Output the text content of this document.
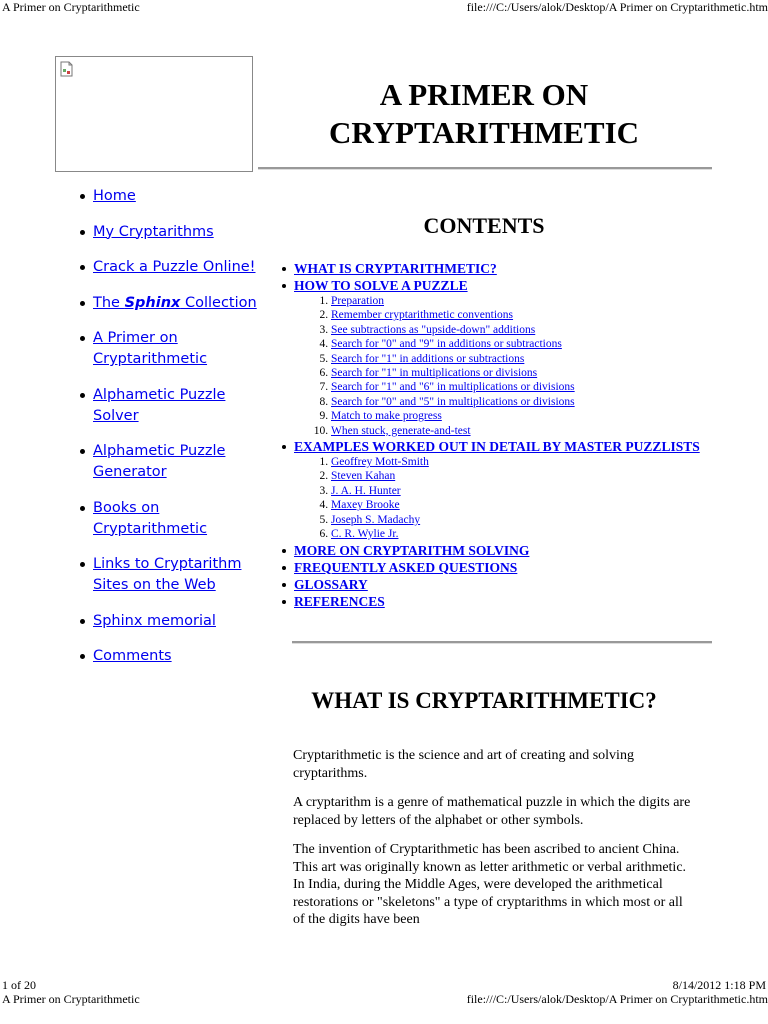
A Primer on Cryptarithmetic	file:///C:/Users/alok/Desktop/A Primer on Cryptarithmetic.htm
A PRIMER ON
CRYPTARITHMETIC
Home
My Cryptarithms
Crack a Puzzle Online!
The Sphinx Collection
A Primer on Cryptarithmetic
Alphametic Puzzle Solver
Alphametic Puzzle Generator
Books on Cryptarithmetic
Links to Cryptarithm Sites on the Web
Sphinx memorial
Comments
CONTENTS
WHAT IS CRYPTARITHMETIC?
HOW TO SOLVE A PUZZLE
1. Preparation
2. Remember cryptarithmetic conventions
3. See subtractions as "upside-down" additions
4. Search for "0" and "9" in additions or subtractions
5. Search for "1" in additions or subtractions
6. Search for "1" in multiplications or divisions
7. Search for "1" and "6" in multiplications or divisions
8. Search for "0" and "5" in multiplications or divisions
9. Match to make progress
10. When stuck, generate-and-test
EXAMPLES WORKED OUT IN DETAIL BY MASTER PUZZLISTS
1. Geoffrey Mott-Smith
2. Steven Kahan
3. J. A. H. Hunter
4. Maxey Brooke
5. Joseph S. Madachy
6. C. R. Wylie Jr.
MORE ON CRYPTARITHM SOLVING
FREQUENTLY ASKED QUESTIONS
GLOSSARY
REFERENCES
WHAT IS CRYPTARITHMETIC?

Cryptarithmetic is the science and art of creating and solving cryptarithms.

A cryptarithm is a genre of mathematical puzzle in which the digits are replaced by letters of the alphabet or other symbols.

The invention of Cryptarithmetic has been ascribed to ancient China. This art was originally known as letter arithmetic or verbal arithmetic. In India, during the Middle Ages, were developed the arithmetical restorations or "skeletons" a type of cryptarithms in which most or all of the digits have been

1 of 20	8/14/2012 1:18 PM
A Primer on Cryptarithmetic	file:///C:/Users/alok/Desktop/A Primer on Cryptarithmetic.htm
